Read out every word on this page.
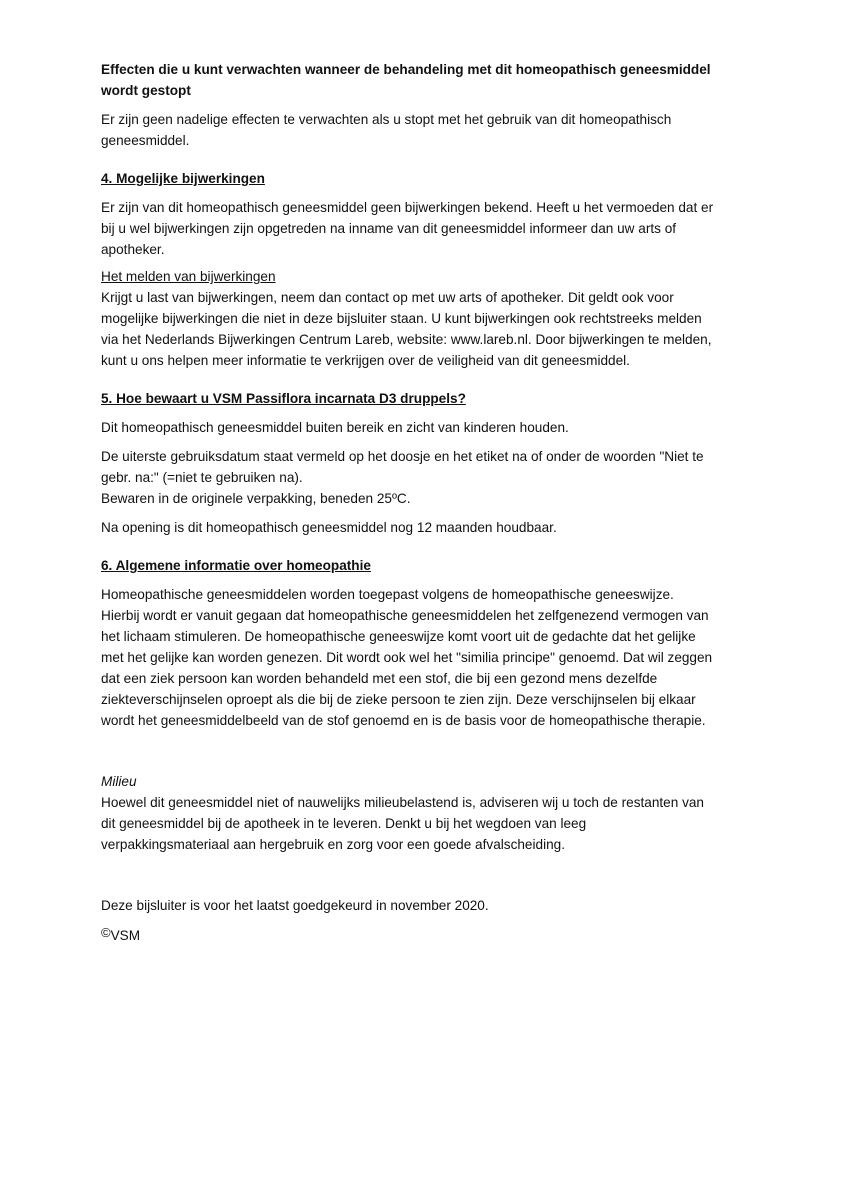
Effecten die u kunt verwachten wanneer de behandeling met dit homeopathisch geneesmiddel
wordt gestopt

Er zijn geen nadelige effecten te verwachten als u stopt met het gebruik van dit homeopathisch
geneesmiddel.

4. Mogelijke bijwerkingen

Er zijn van dit homeopathisch geneesmiddel geen bijwerkingen bekend. Heeft u het vermoeden dat er
bij u wel bijwerkingen zijn opgetreden na inname van dit geneesmiddel informeer dan uw arts of
apotheker.

Het melden van bijwerkingen

Krijgt u last van bijwerkingen, neem dan contact op met uw arts of apotheker. Dit geldt ook voor
mogelijke bijwerkingen die niet in deze bijsluiter staan. U kunt bijwerkingen ook rechtstreeks melden
via het Nederlands Bijwerkingen Centrum Lareb, website: www.lareb.nl. Door bijwerkingen te melden,
kunt u ons helpen meer informatie te verkrijgen over de veiligheid van dit geneesmiddel.

5. Hoe bewaart u VSM Passiflora incarnata D3 druppels?

Dit homeopathisch geneesmiddel buiten bereik en zicht van kinderen houden.

De uiterste gebruiksdatum staat vermeld op het doosje en het etiket na of onder de woorden "Niet te
gebr. na:" (=niet te gebruiken na).
Bewaren in de originele verpakking, beneden 25ºC.

Na opening is dit homeopathisch geneesmiddel nog 12 maanden houdbaar.

6. Algemene informatie over homeopathie

Homeopathische geneesmiddelen worden toegepast volgens de homeopathische geneeswijze.
Hierbij wordt er vanuit gegaan dat homeopathische geneesmiddelen het zelfgenezend vermogen van
het lichaam stimuleren. De homeopathische geneeswijze komt voort uit de gedachte dat het gelijke
met het gelijke kan worden genezen. Dit wordt ook wel het "similia principe" genoemd. Dat wil zeggen
dat een ziek persoon kan worden behandeld met een stof, die bij een gezond mens dezelfde
ziekteverschijnselen oproept als die bij de zieke persoon te zien zijn. Deze verschijnselen bij elkaar
wordt het geneesmiddelbeeld van de stof genoemd en is de basis voor de homeopathische therapie.

Milieu

Hoewel dit geneesmiddel niet of nauwelijks milieubelastend is, adviseren wij u toch de restanten van
dit geneesmiddel bij de apotheek in te leveren. Denkt u bij het wegdoen van leeg
verpakkingsmateriaal aan hergebruik en zorg voor een goede afvalscheiding.

Deze bijsluiter is voor het laatst goedgekeurd in november 2020.

©VSM
